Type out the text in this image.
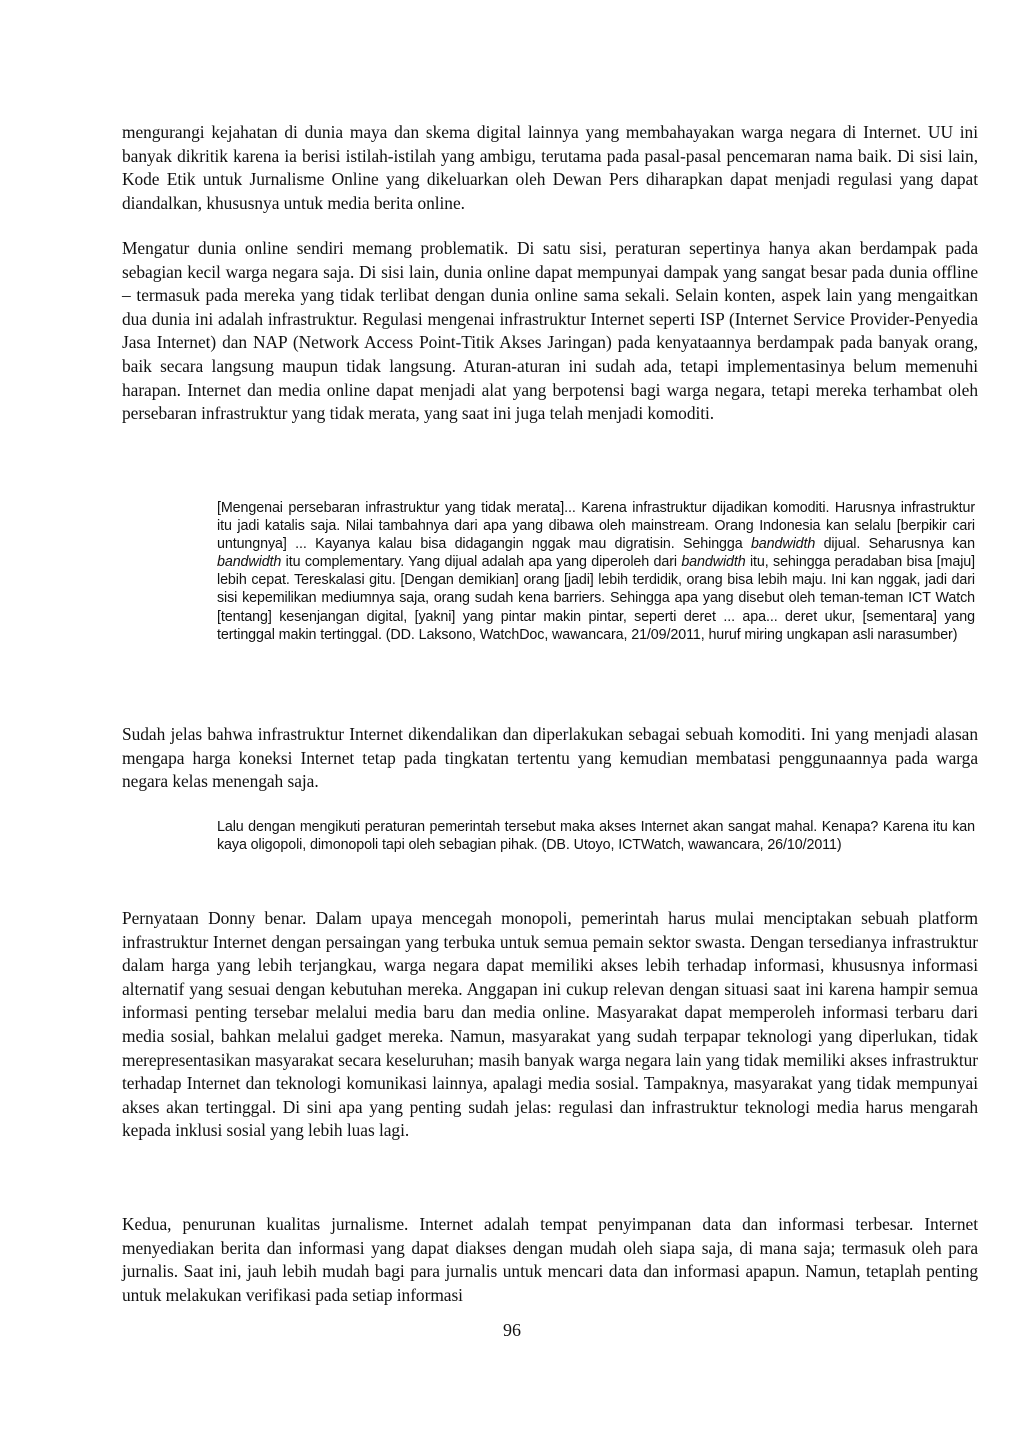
mengurangi kejahatan di dunia maya dan skema digital lainnya yang membahayakan warga negara di Internet. UU ini banyak dikritik karena ia berisi istilah-istilah yang ambigu, terutama pada pasal-pasal pencemaran nama baik. Di sisi lain, Kode Etik untuk Jurnalisme Online yang dikeluarkan oleh Dewan Pers diharapkan dapat menjadi regulasi yang dapat diandalkan, khususnya untuk media berita online.

Mengatur dunia online sendiri memang problematik. Di satu sisi, peraturan sepertinya hanya akan berdampak pada sebagian kecil warga negara saja. Di sisi lain, dunia online dapat mempunyai dampak yang sangat besar pada dunia offline – termasuk pada mereka yang tidak terlibat dengan dunia online sama sekali. Selain konten, aspek lain yang mengaitkan dua dunia ini adalah infrastruktur. Regulasi mengenai infrastruktur Internet seperti ISP (Internet Service Provider-Penyedia Jasa Internet) dan NAP (Network Access Point-Titik Akses Jaringan) pada kenyataannya berdampak pada banyak orang, baik secara langsung maupun tidak langsung. Aturan-aturan ini sudah ada, tetapi implementasinya belum memenuhi harapan. Internet dan media online dapat menjadi alat yang berpotensi bagi warga negara, tetapi mereka terhambat oleh persebaran infrastruktur yang tidak merata, yang saat ini juga telah menjadi komoditi.

[Mengenai persebaran infrastruktur yang tidak merata]... Karena infrastruktur dijadikan komoditi. Harusnya infrastruktur itu jadi katalis saja. Nilai tambahnya dari apa yang dibawa oleh mainstream. Orang Indonesia kan selalu [berpikir cari untungnya] ... Kayanya kalau bisa didagangin nggak mau digratisin. Sehingga bandwidth dijual. Seharusnya kan bandwidth itu complementary. Yang dijual adalah apa yang diperoleh dari bandwidth itu, sehingga peradaban bisa [maju] lebih cepat. Tereskalasi gitu. [Dengan demikian] orang [jadi] lebih terdidik, orang bisa lebih maju. Ini kan nggak, jadi dari sisi kepemilikan mediumnya saja, orang sudah kena barriers. Sehingga apa yang disebut oleh teman-teman ICT Watch [tentang] kesenjangan digital, [yakni] yang pintar makin pintar, seperti deret ... apa... deret ukur, [sementara] yang tertinggal makin tertinggal. (DD. Laksono, WatchDoc, wawancara, 21/09/2011, huruf miring ungkapan asli narasumber)

Sudah jelas bahwa infrastruktur Internet dikendalikan dan diperlakukan sebagai sebuah komoditi. Ini yang menjadi alasan mengapa harga koneksi Internet tetap pada tingkatan tertentu yang kemudian membatasi penggunaannya pada warga negara kelas menengah saja.

Lalu dengan mengikuti peraturan pemerintah tersebut maka akses Internet akan sangat mahal. Kenapa? Karena itu kan kaya oligopoli, dimonopoli tapi oleh sebagian pihak. (DB. Utoyo, ICTWatch, wawancara, 26/10/2011)

Pernyataan Donny benar. Dalam upaya mencegah monopoli, pemerintah harus mulai menciptakan sebuah platform infrastruktur Internet dengan persaingan yang terbuka untuk semua pemain sektor swasta. Dengan tersedianya infrastruktur dalam harga yang lebih terjangkau, warga negara dapat memiliki akses lebih terhadap informasi, khususnya informasi alternatif yang sesuai dengan kebutuhan mereka. Anggapan ini cukup relevan dengan situasi saat ini karena hampir semua informasi penting tersebar melalui media baru dan media online. Masyarakat dapat memperoleh informasi terbaru dari media sosial, bahkan melalui gadget mereka. Namun, masyarakat yang sudah terpapar teknologi yang diperlukan, tidak merepresentasikan masyarakat secara keseluruhan; masih banyak warga negara lain yang tidak memiliki akses infrastruktur terhadap Internet dan teknologi komunikasi lainnya, apalagi media sosial. Tampaknya, masyarakat yang tidak mempunyai akses akan tertinggal. Di sini apa yang penting sudah jelas: regulasi dan infrastruktur teknologi media harus mengarah kepada inklusi sosial yang lebih luas lagi.

Kedua, penurunan kualitas jurnalisme. Internet adalah tempat penyimpanan data dan informasi terbesar. Internet menyediakan berita dan informasi yang dapat diakses dengan mudah oleh siapa saja, di mana saja; termasuk oleh para jurnalis. Saat ini, jauh lebih mudah bagi para jurnalis untuk mencari data dan informasi apapun. Namun, tetaplah penting untuk melakukan verifikasi pada setiap informasi

96
